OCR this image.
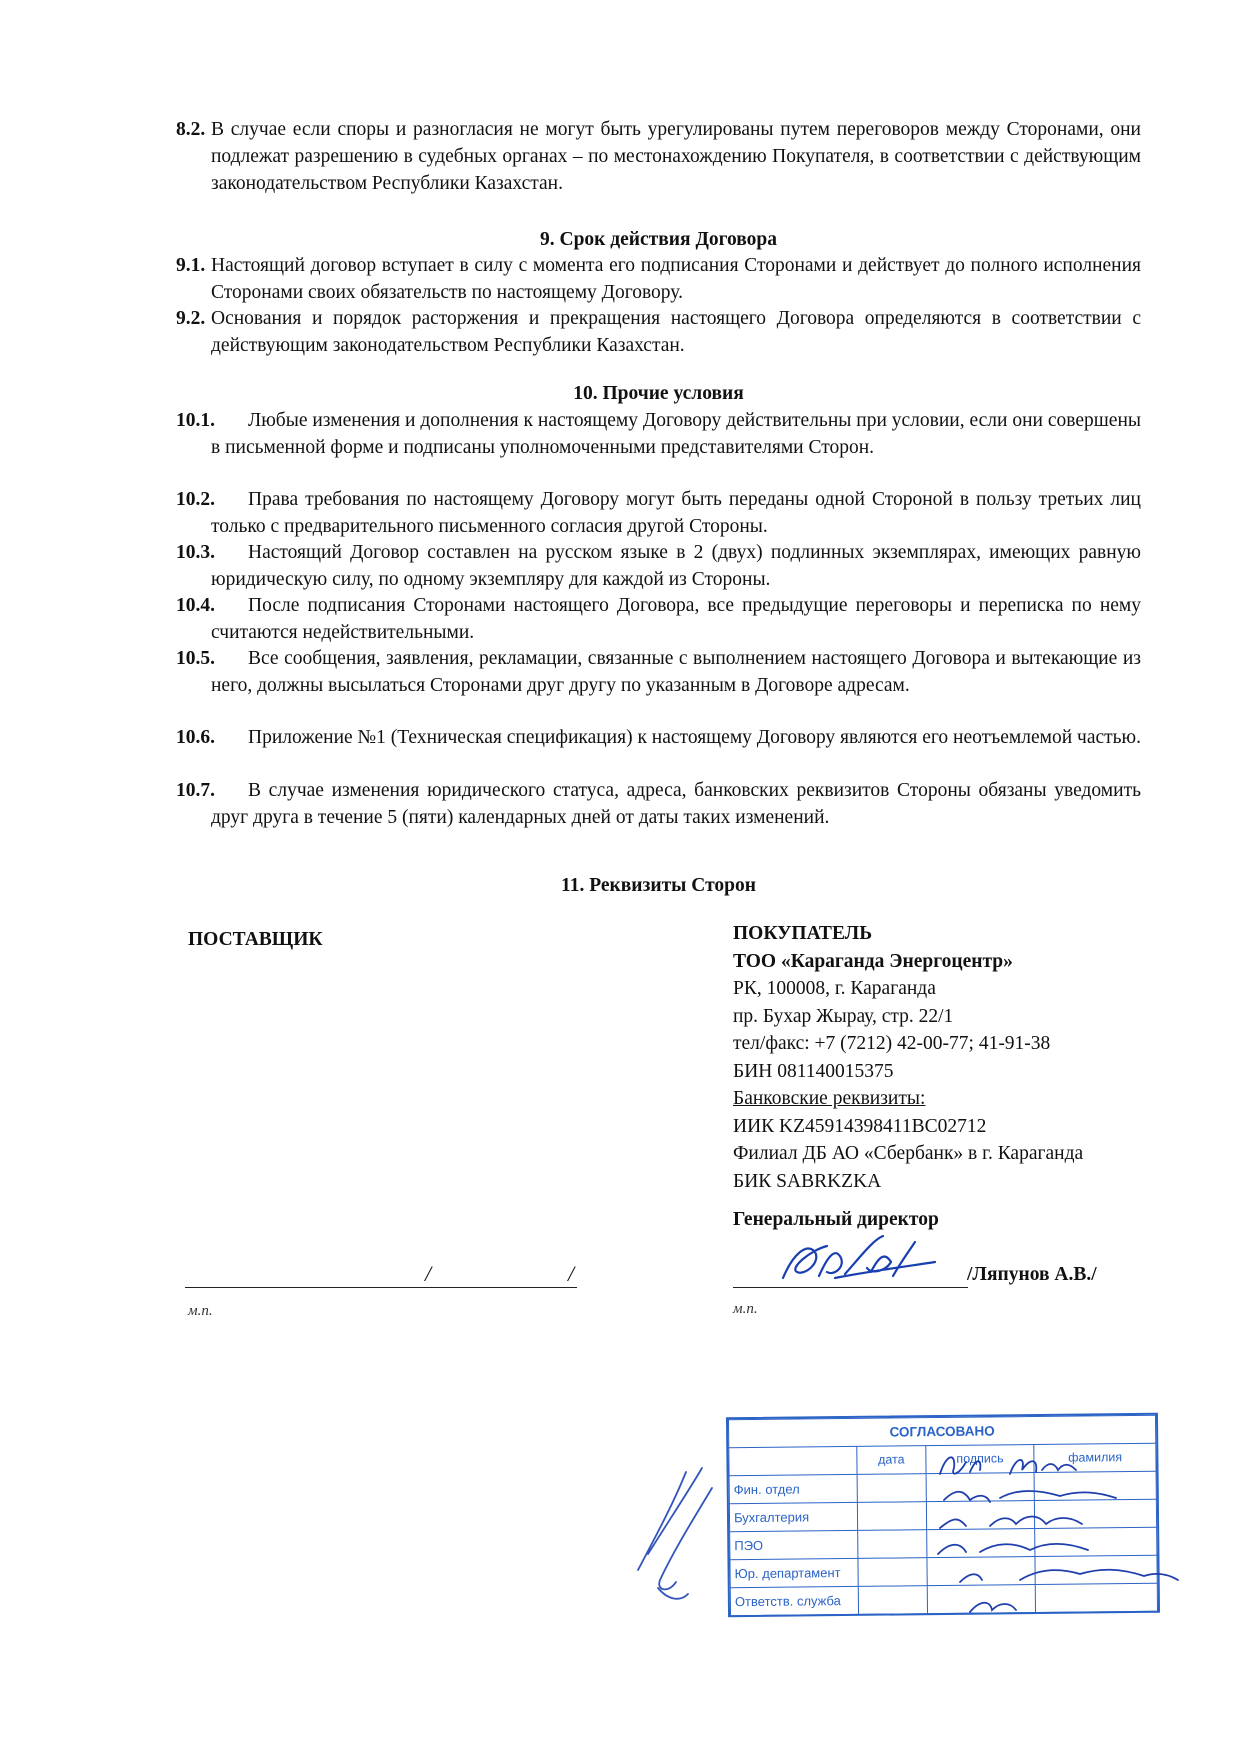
8.2. В случае если споры и разногласия не могут быть урегулированы путем переговоров между Сторонами, они подлежат разрешению в судебных органах – по местонахождению Покупателя, в соответствии с действующим законодательством Республики Казахстан.
9. Срок действия Договора
9.1. Настоящий договор вступает в силу с момента его подписания Сторонами и действует до полного исполнения Сторонами своих обязательств по настоящему Договору.
9.2. Основания и порядок расторжения и прекращения настоящего Договора определяются в соответствии с действующим законодательством Республики Казахстан.
10. Прочие условия
10.1.	Любые изменения и дополнения к настоящему Договору действительны при условии, если они совершены в письменной форме и подписаны уполномоченными представителями Сторон.
10.2.	Права требования по настоящему Договору могут быть переданы одной Стороной в пользу третьих лиц только с предварительного письменного согласия другой Стороны.
10.3.	Настоящий Договор составлен на русском языке в 2 (двух) подлинных экземплярах, имеющих равную юридическую силу, по одному экземпляру для каждой из Стороны.
10.4.	После подписания Сторонами настоящего Договора, все предыдущие переговоры и переписка по нему считаются недействительными.
10.5.	Все сообщения, заявления, рекламации, связанные с выполнением настоящего Договора и вытекающие из него, должны высылаться Сторонами друг другу по указанным в Договоре адресам.
10.6.	Приложение №1 (Техническая спецификация) к настоящему Договору являются его неотъемлемой частью.
10.7.	В случае изменения юридического статуса, адреса, банковских реквизитов Стороны обязаны уведомить друг друга в течение 5 (пяти) календарных дней от даты таких изменений.
11. Реквизиты Сторон
ПОСТАВЩИК	ПОКУПАТЕЛЬ
ТОО «Караганда Энергоцентр»
РК, 100008, г. Караганда
пр. Бухар Жырау, стр. 22/1
тел/факс: +7 (7212) 42-00-77; 41-91-38
БИН 081140015375
Банковские реквизиты:
ИИК KZ45914398411BC02712
Филиал ДБ АО «Сбербанк» в г. Караганда
БИК SABRKZKA
Генеральный директор
/	/
м.п.
/Ляпунов А.В./
м.п.
СОГЛАСОВАНО			
	дата	подпись	фамилия
Фин. отдел			
Бухгалтерия			
ПЭО			
Юр. департамент			
Ответств. служба			
